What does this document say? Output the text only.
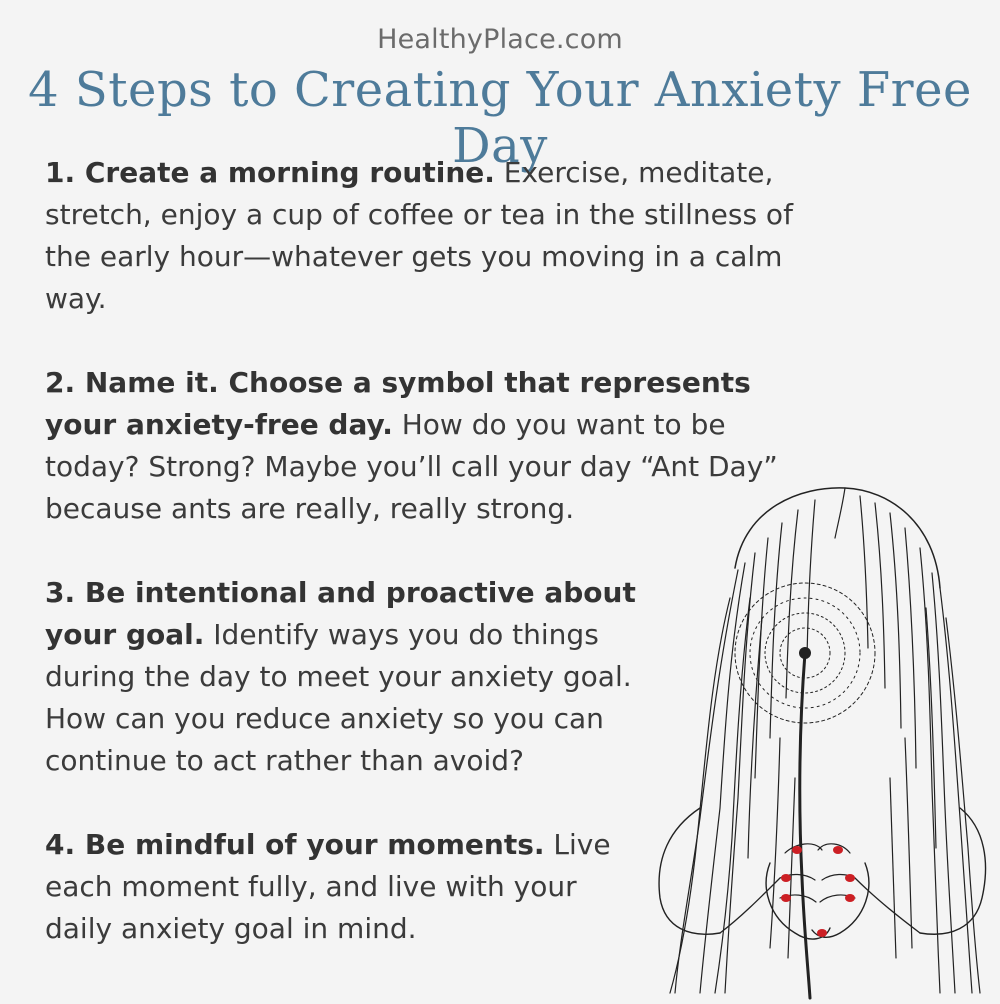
HealthyPlace.com
4 Steps to Creating Your Anxiety Free Day

1. Create a morning routine. Exercise, meditate, stretch, enjoy a cup of coffee or tea in the stillness of the early hour—whatever gets you moving in a calm way.

2. Name it. Choose a symbol that represents your anxiety-free day. How do you want to be today? Strong? Maybe you’ll call your day “Ant Day” because ants are really, really strong.

3. Be intentional and proactive about your goal. Identify ways you do things during the day to meet your anxiety goal. How can you reduce anxiety so you can continue to act rather than avoid?

4. Be mindful of your moments. Live each moment fully, and live with your daily anxiety goal in mind.
